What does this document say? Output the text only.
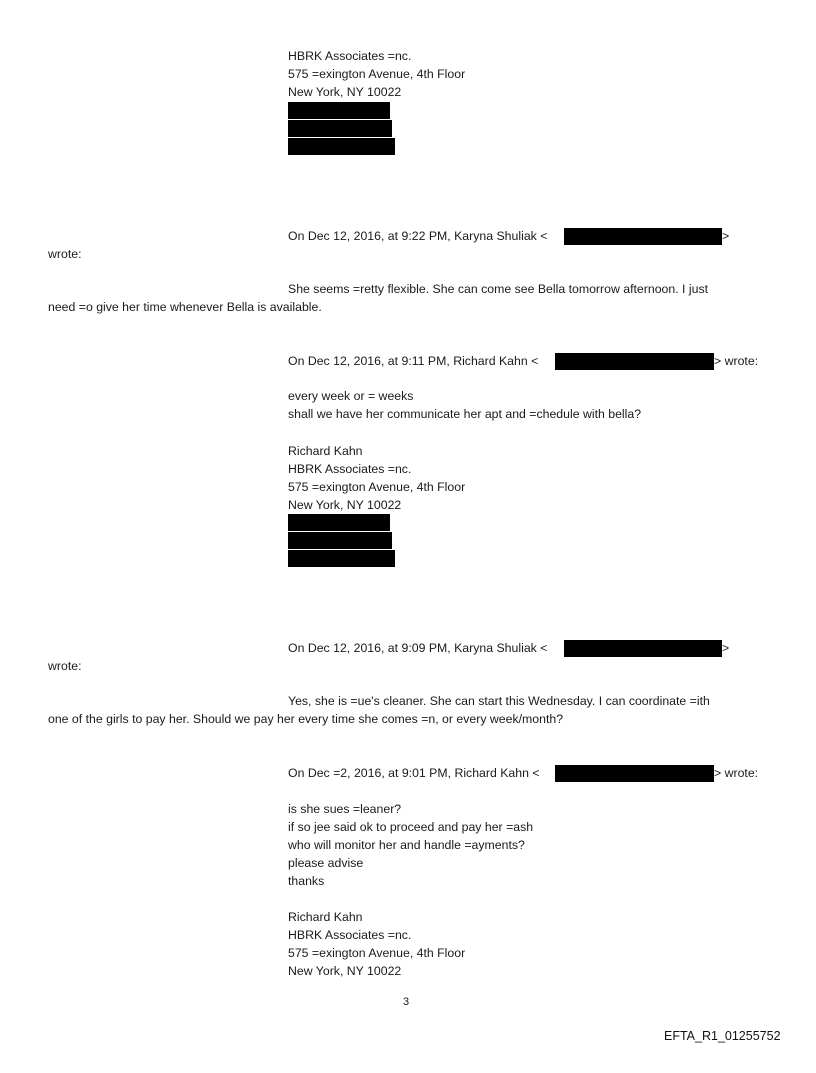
HBRK Associates =nc.
575 =exington Avenue, 4th Floor
New York, NY 10022
On Dec 12, 2016, at 9:22 PM, Karyna Shuliak <	>
wrote:
She seems =retty flexible. She can come see Bella tomorrow afternoon. I just
need =o give her time whenever Bella is available.
On Dec 12, 2016, at 9:11 PM, Richard Kahn <	> wrote:
every week or = weeks
shall we have her communicate her apt and =chedule with bella?
Richard Kahn
HBRK Associates =nc.
575 =exington Avenue, 4th Floor
New York, NY 10022
On Dec 12, 2016, at 9:09 PM, Karyna Shuliak <	>
wrote:
Yes, she is =ue's cleaner. She can start this Wednesday. I can coordinate =ith
one of the girls to pay her. Should we pay her every time she comes =n, or every week/month?
On Dec =2, 2016, at 9:01 PM, Richard Kahn <	> wrote:
is she sues =leaner?
if so jee said ok to proceed and pay her =ash
who will monitor her and handle =ayments?
please advise
thanks
Richard Kahn
HBRK Associates =nc.
575 =exington Avenue, 4th Floor
New York, NY 10022
3
EFTA_R1_01255752
